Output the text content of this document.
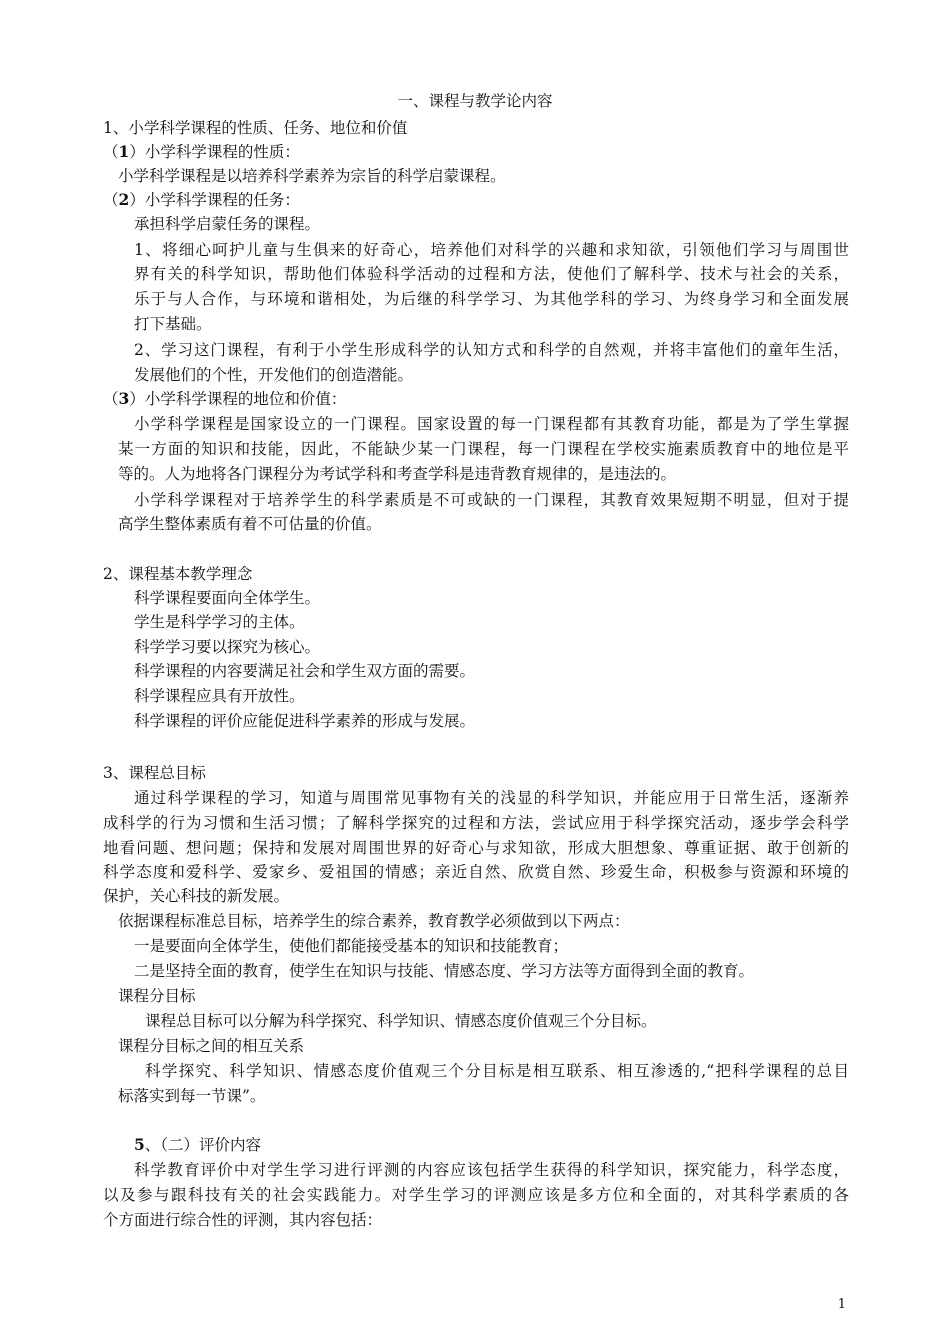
一、课程与教学论内容
1、小学科学课程的性质、任务、地位和价值
（1）小学科学课程的性质：
小学科学课程是以培养科学素养为宗旨的科学启蒙课程。
（2）小学科学课程的任务：
承担科学启蒙任务的课程。
1、将细心呵护儿童与生俱来的好奇心，培养他们对科学的兴趣和求知欲，引领他们学习与周围世
界有关的科学知识，帮助他们体验科学活动的过程和方法，使他们了解科学、技术与社会的关系，
乐于与人合作，与环境和谐相处，为后继的科学学习、为其他学科的学习、为终身学习和全面发展
打下基础。
2、学习这门课程，有利于小学生形成科学的认知方式和科学的自然观，并将丰富他们的童年生活，
发展他们的个性，开发他们的创造潜能。
（3）小学科学课程的地位和价值：
小学科学课程是国家设立的一门课程。国家设置的每一门课程都有其教育功能，都是为了学生掌握
某一方面的知识和技能，因此，不能缺少某一门课程，每一门课程在学校实施素质教育中的地位是平
等的。人为地将各门课程分为考试学科和考查学科是违背教育规律的，是违法的。
小学科学课程对于培养学生的科学素质是不可或缺的一门课程，其教育效果短期不明显，但对于提
高学生整体素质有着不可估量的价值。
2、课程基本教学理念
科学课程要面向全体学生。
学生是科学学习的主体。
科学学习要以探究为核心。
科学课程的内容要满足社会和学生双方面的需要。
科学课程应具有开放性。
科学课程的评价应能促进科学素养的形成与发展。
3、课程总目标
通过科学课程的学习，知道与周围常见事物有关的浅显的科学知识，并能应用于日常生活，逐渐养
成科学的行为习惯和生活习惯；了解科学探究的过程和方法，尝试应用于科学探究活动，逐步学会科学
地看问题、想问题；保持和发展对周围世界的好奇心与求知欲，形成大胆想象、尊重证据、敢于创新的
科学态度和爱科学、爱家乡、爱祖国的情感；亲近自然、欣赏自然、珍爱生命，积极参与资源和环境的
保护，关心科技的新发展。
依据课程标准总目标，培养学生的综合素养，教育教学必须做到以下两点：
一是要面向全体学生，使他们都能接受基本的知识和技能教育；
二是坚持全面的教育，使学生在知识与技能、情感态度、学习方法等方面得到全面的教育。
课程分目标
课程总目标可以分解为科学探究、科学知识、情感态度价值观三个分目标。
课程分目标之间的相互关系
科学探究、科学知识、情感态度价值观三个分目标是相互联系、相互渗透的,“把科学课程的总目
标落实到每一节课”。
5、（二）评价内容
科学教育评价中对学生学习进行评测的内容应该包括学生获得的科学知识，探究能力，科学态度，
以及参与跟科技有关的社会实践能力。对学生学习的评测应该是多方位和全面的，对其科学素质的各
个方面进行综合性的评测，其内容包括：
1
